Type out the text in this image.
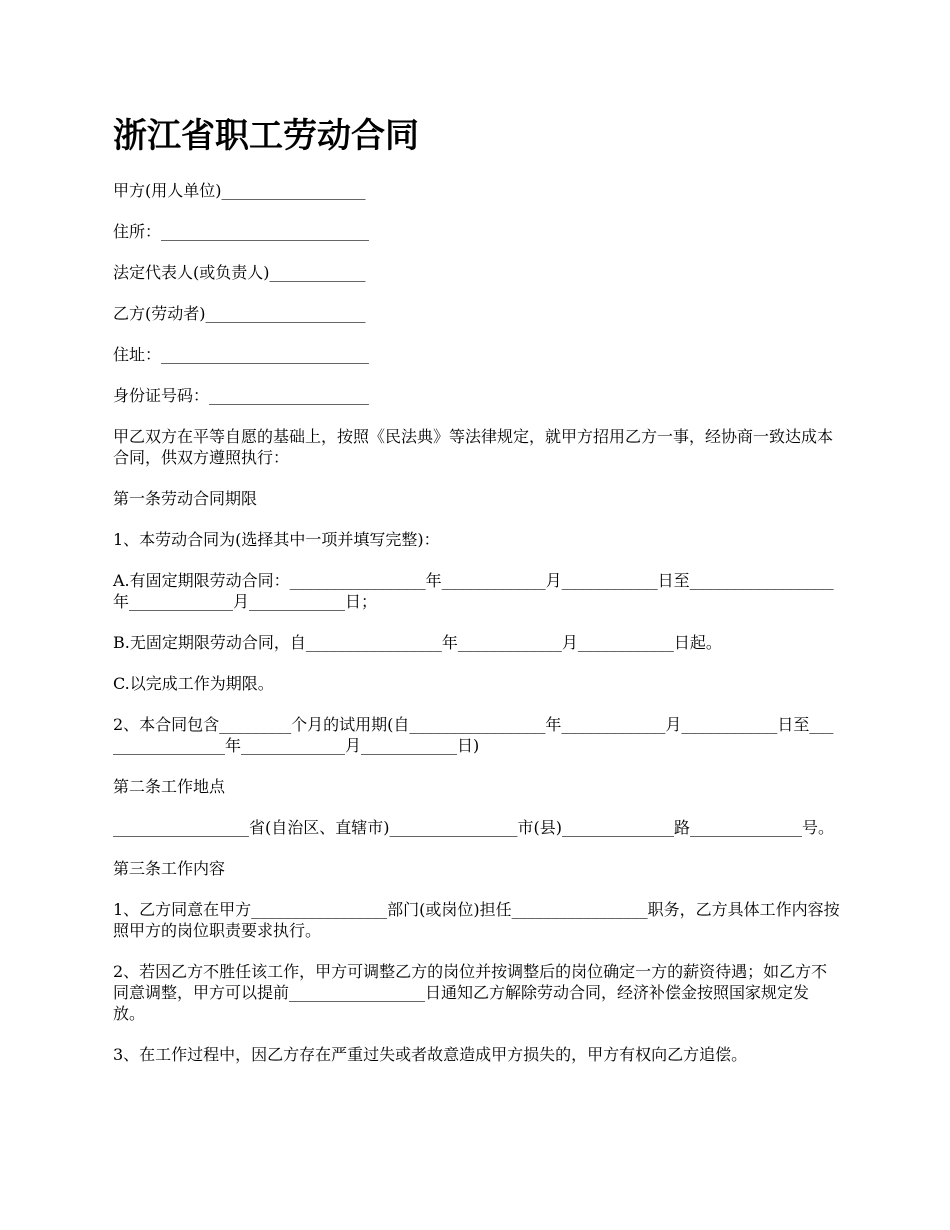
浙江省职工劳动合同

甲方(用人单位)__________________

住所：__________________________

法定代表人(或负责人)____________

乙方(劳动者)____________________

住址：__________________________

身份证号码：____________________

甲乙双方在平等自愿的基础上，按照《民法典》等法律规定，就甲方招用乙方一事，经协商一致达成本合同，供双方遵照执行：

第一条劳动合同期限

1、本劳动合同为(选择其中一项并填写完整)：

A.有固定期限劳动合同：_________________年_____________月____________日至__________________年_____________月____________日；

B.无固定期限劳动合同，自_________________年_____________月____________日起。

C.以完成工作为期限。

2、本合同包含_________个月的试用期(自_________________年_____________月____________日至_________________年_____________月____________日)

第二条工作地点

_________________省(自治区、直辖市)________________市(县)______________路______________号。

第三条工作内容

1、乙方同意在甲方_________________部门(或岗位)担任_________________职务，乙方具体工作内容按照甲方的岗位职责要求执行。

2、若因乙方不胜任该工作，甲方可调整乙方的岗位并按调整后的岗位确定一方的薪资待遇；如乙方不同意调整，甲方可以提前_________________日通知乙方解除劳动合同，经济补偿金按照国家规定发放。

3、在工作过程中，因乙方存在严重过失或者故意造成甲方损失的，甲方有权向乙方追偿。
